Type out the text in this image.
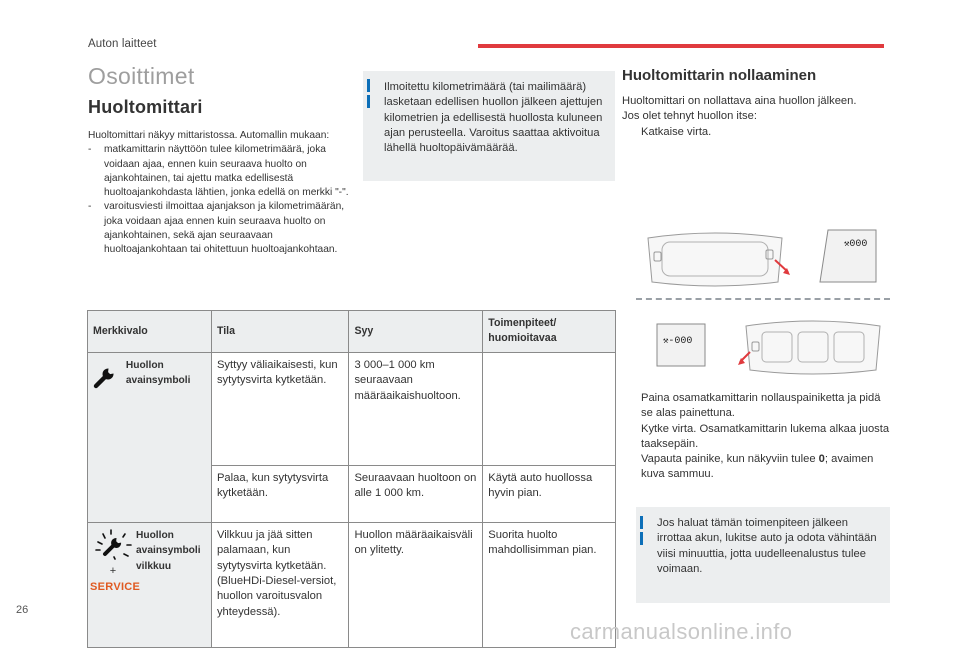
Auton laitteet
Osoittimet
Huoltomittari
Huoltomittari näkyy mittaristossa. Automallin mukaan:
- matkamittarin näyttöön tulee kilometrimäärä, joka voidaan ajaa, ennen kuin seuraava huolto on ajankohtainen, tai ajettu matka edellisestä huoltoajankohdasta lähtien, jonka edellä on merkki "-".
- varoitusviesti ilmoittaa ajanjakson ja kilometrimäärän, joka voidaan ajaa ennen kuin seuraava huolto on ajankohtainen, sekä ajan seuraavaan huoltoajankohtaan tai ohitettuun huoltoajankohtaan.
Ilmoitettu kilometrimäärä (tai mailimäärä) lasketaan edellisen huollon jälkeen ajettujen kilometrien ja edellisestä huollosta kuluneen ajan perusteella. Varoitus saattaa aktivoitua lähellä huoltopäivämäärää.
Merkkivalo	Tila	Syy	Toimenpiteet/ huomioitavaa

Huollon avainsymboli	Syttyy väliaikaisesti, kun sytytysvirta kytketään.	3 000–1 000 km seuraavaan määräaikaishuoltoon.	
	Palaa, kun sytytysvirta kytketään.	Seuraavaan huoltoon on alle 1 000 km.	Käytä auto huollossa hyvin pian.

+
SERVICE
Huollon avainsymboli vilkkuu	Vilkkuu ja jää sitten palamaan, kun sytytysvirta kytketään. (BlueHDi-Diesel-versiot, huollon varoitusvalon yhteydessä).	Huollon määräaikaisväli on ylitetty.	Suorita huolto mahdollisimman pian.
Huoltomittarin nollaaminen
Huoltomittari on nollattava aina huollon jälkeen.
Jos olet tehnyt huollon itse:
Katkaise virta.
⚒000
⚒-000
Paina osamatkamittarin nollauspainiketta ja pidä se alas painettuna.
Kytke virta. Osamatkamittarin lukema alkaa juosta taaksepäin.
Vapauta painike, kun näkyviin tulee 0; avaimen kuva sammuu.
Jos haluat tämän toimenpiteen jälkeen irrottaa akun, lukitse auto ja odota vähintään viisi minuuttia, jotta uudelleenalustus tulee voimaan.
26
carmanualsonline.info
